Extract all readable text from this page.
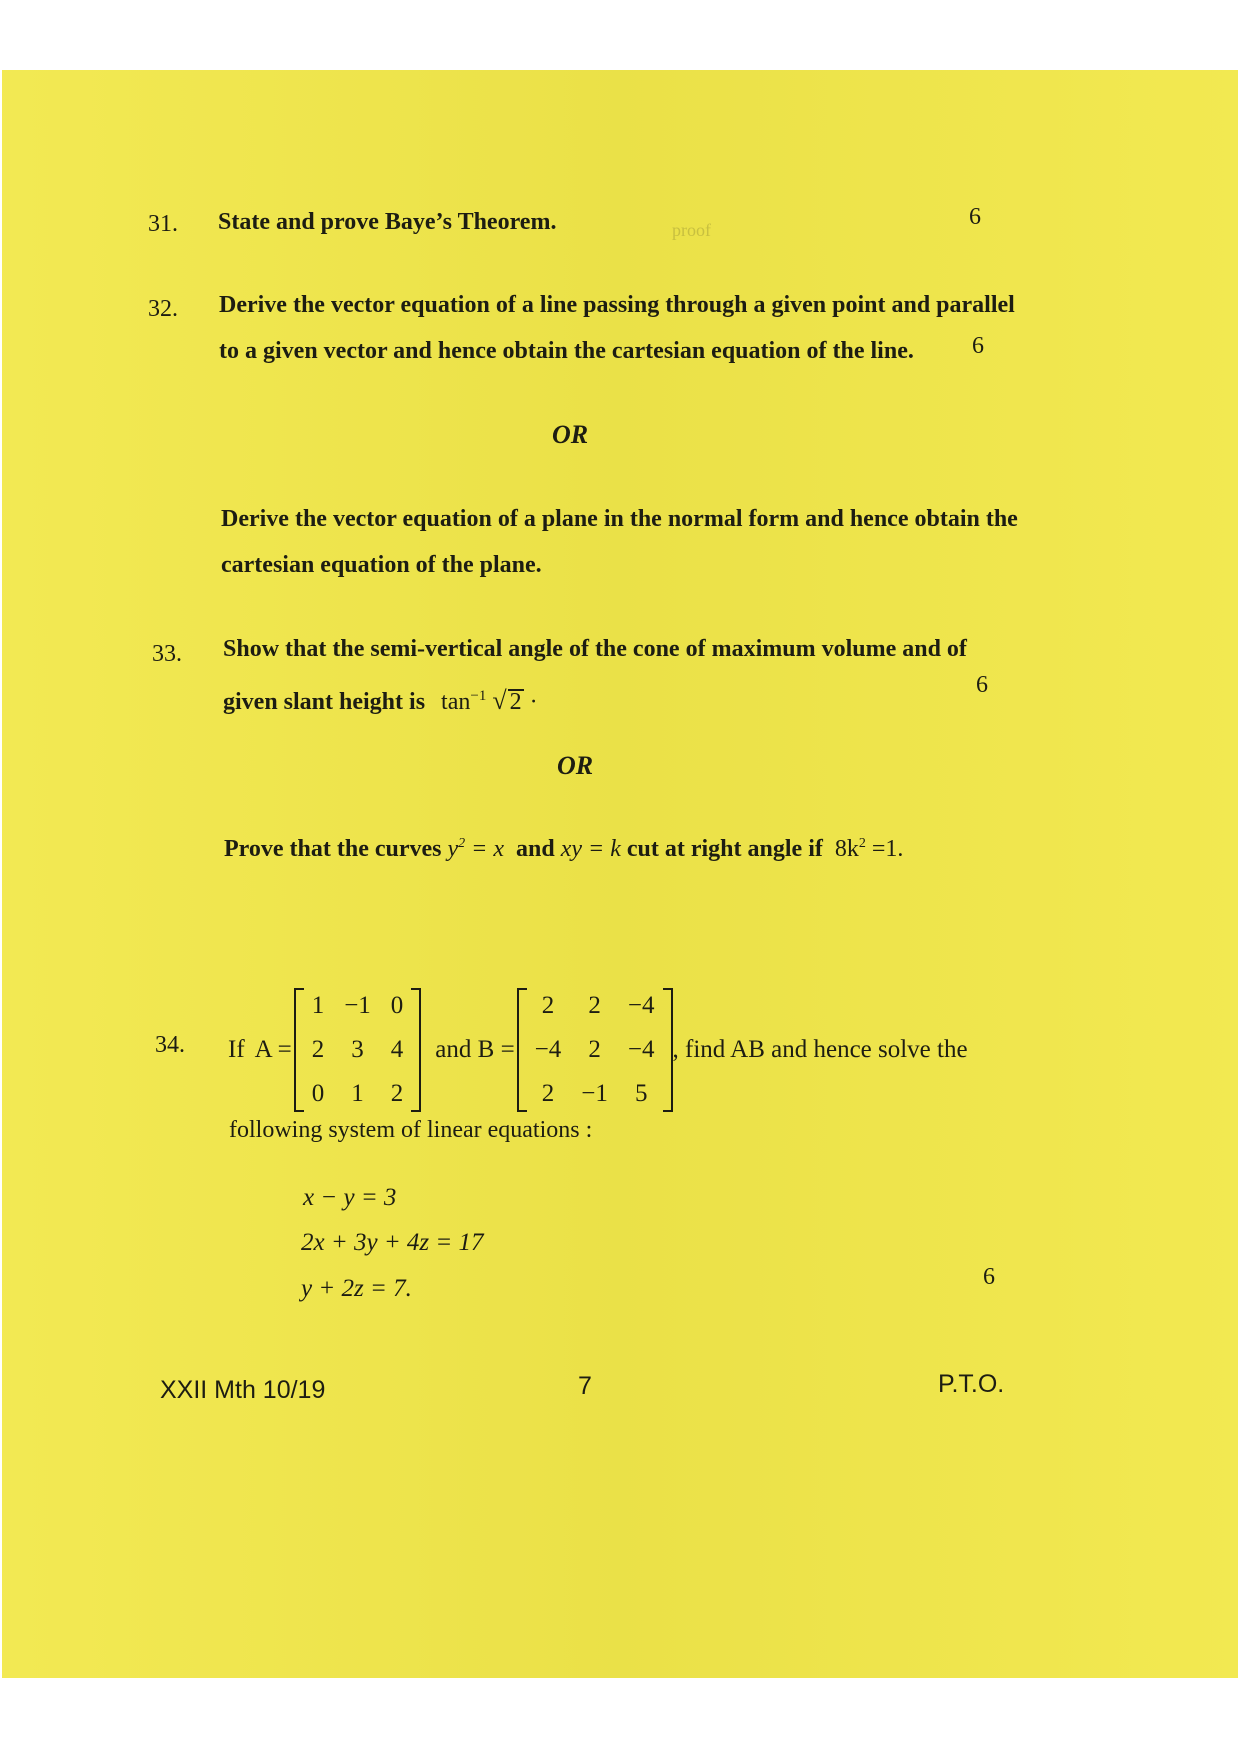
31. State and prove Baye’s Theorem.	proof	6
32. Derive the vector equation of a line passing through a given point and parallel
to a given vector and hence obtain the cartesian equation of the line. 6
OR
Derive the vector equation of a plane in the normal form and hence obtain the
cartesian equation of the plane.
33. Show that the semi-vertical angle of the cone of maximum volume and of
given slant height is $\tan^{-1}$ √ 2 ·
6
OR
Prove that the curves $y^2 = x$ and xy = k cut at right angle if $8k^2 =1$.
34. If A =
1	−1	0
2	3	4
0	1	2
and B =
2	2	−4
−4	2	−4
2	−1	5
, find AB and hence solve the
following system of linear equations :
x − y = 3
2x + 3y + 4z = 17
y + 2z = 7.	6
XXII Mth 10/19	7	P.T.O.
